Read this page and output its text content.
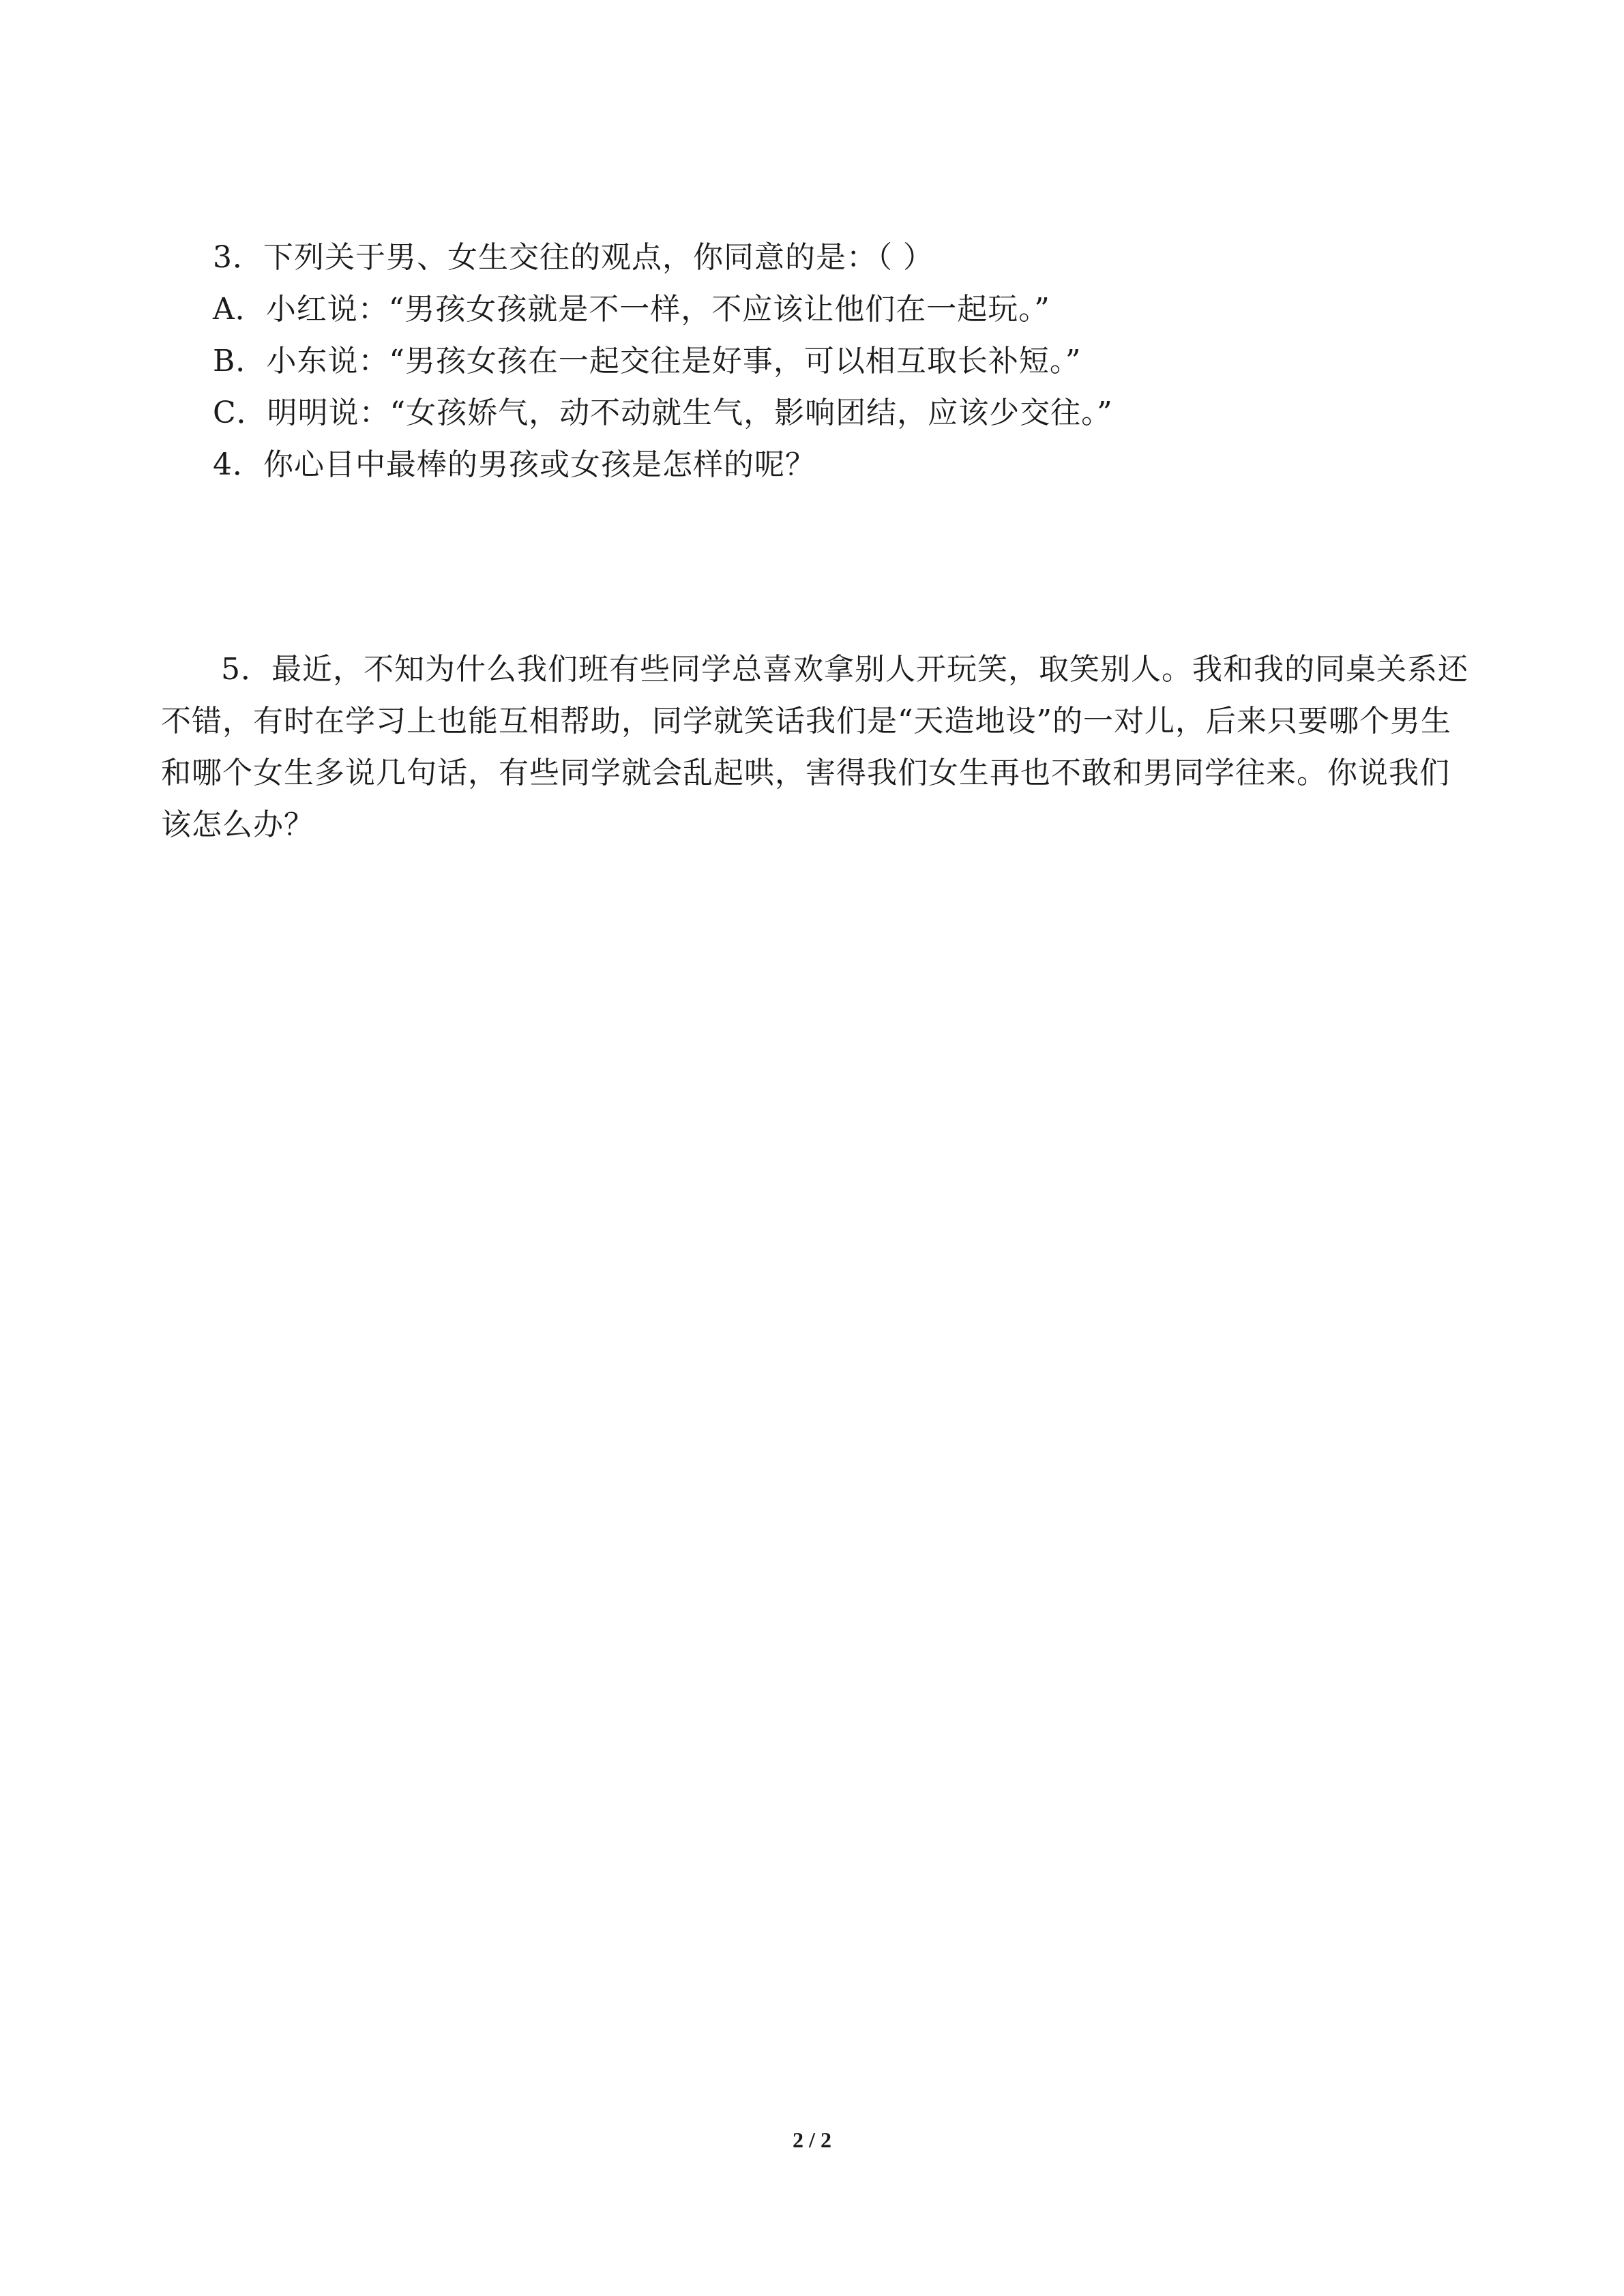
3．下列关于男、女生交往的观点，你同意的是：（ ）
A．小红说：“男孩女孩就是不一样，不应该让他们在一起玩。”
B．小东说：“男孩女孩在一起交往是好事，可以相互取长补短。”
C．明明说：“女孩娇气，动不动就生气，影响团结，应该少交往。”
4．你心目中最棒的男孩或女孩是怎样的呢？
5．最近，不知为什么我们班有些同学总喜欢拿别人开玩笑，取笑别人。我和我的同桌关系还不错，有时在学习上也能互相帮助，同学就笑话我们是“天造地设”的一对儿，后来只要哪个男生和哪个女生多说几句话，有些同学就会乱起哄，害得我们女生再也不敢和男同学往来。你说我们该怎么办？
2 / 2
